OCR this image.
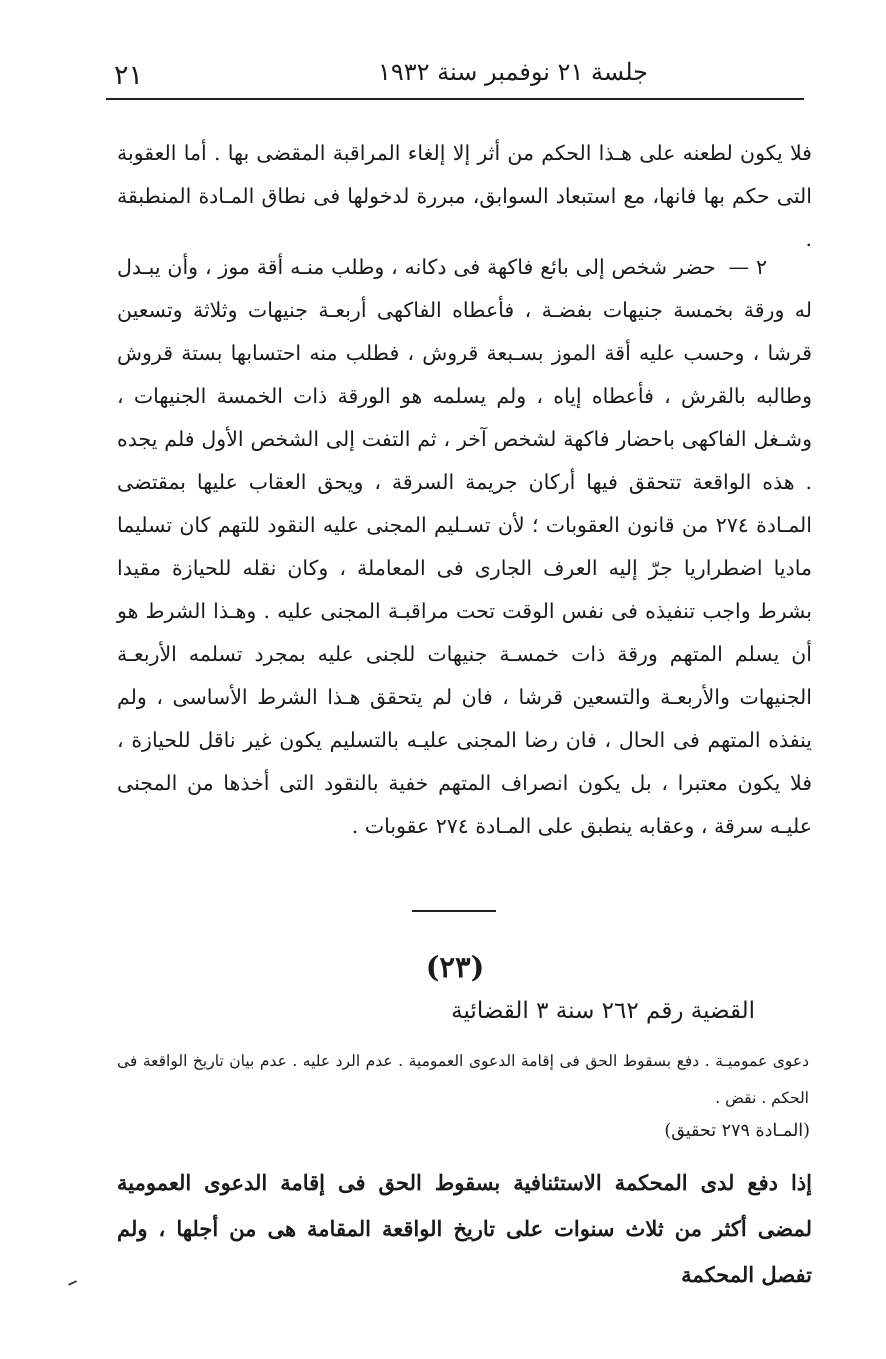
٢١	جلسة ٢١ نوفمبر سنة ١٩٣٢
فلا يكون لطعنه على هـذا الحكم من أثر إلا إلغاء المراقبة المقضى بها . أما العقوبة التى حكم بها فانها، مع استبعاد السوابق، مبررة لدخولها فى نطاق المـادة المنطبقة .
٢ — حضر شخص إلى بائع فاكهة فى دكانه ، وطلب منـه أقة موز ، وأن يبـدل له ورقة بخمسة جنيهات بفضـة ، فأعطاه الفاكهى أربعـة جنيهات وثلاثة وتسعين قرشا ، وحسب عليه أقة الموز بسـبعة قروش ، فطلب منه احتسابها بستة قروش وطالبه بالقرش ، فأعطاه إياه ، ولم يسلمه هو الورقة ذات الخمسة الجنيهات ، وشـغل الفاكهى باحضار فاكهة لشخص آخر ، ثم التفت إلى الشخص الأول فلم يجده . هذه الواقعة تتحقق فيها أركان جريمة السرقة ، ويحق العقاب عليها بمقتضى المـادة ٢٧٤ من قانون العقوبات ؛ لأن تسـليم المجنى عليه النقود للتهم كان تسليما ماديا اضطراريا جرّ إليه العرف الجارى فى المعاملة ، وكان نقله للحيازة مقيدا بشرط واجب تنفيذه فى نفس الوقت تحت مراقبـة المجنى عليه . وهـذا الشرط هو أن يسلم المتهم ورقة ذات خمسـة جنيهات للجنى عليه بمجرد تسلمه الأربعـة الجنيهات والأربعـة والتسعين قرشا ، فان لم يتحقق هـذا الشرط الأساسى ، ولم ينفذه المتهم فى الحال ، فان رضا المجنى عليـه بالتسليم يكون غير ناقل للحيازة ، فلا يكون معتبرا ، بل يكون انصراف المتهم خفية بالنقود التى أخذها من المجنى عليـه سرقة ، وعقابه ينطبق على المـادة ٢٧٤ عقوبات .
(٢٣)
القضية رقم ٢٦٢ سنة ٣ القضائية
دعوى عموميـة . دفع بسقوط الحق فى إقامة الدعوى العمومية . عدم الرد عليه . عدم بيان تاريخ الواقعة فى الحكم . نقض .
(المـادة ٢٧٩ تحقيق)
إذا دفع لدى المحكمة الاستئنافية بسقوط الحق فى إقامة الدعوى العمومية لمضى أكثر من ثلاث سنوات على تاريخ الواقعة المقامة هى من أجلها ، ولم تفصل المحكمة
